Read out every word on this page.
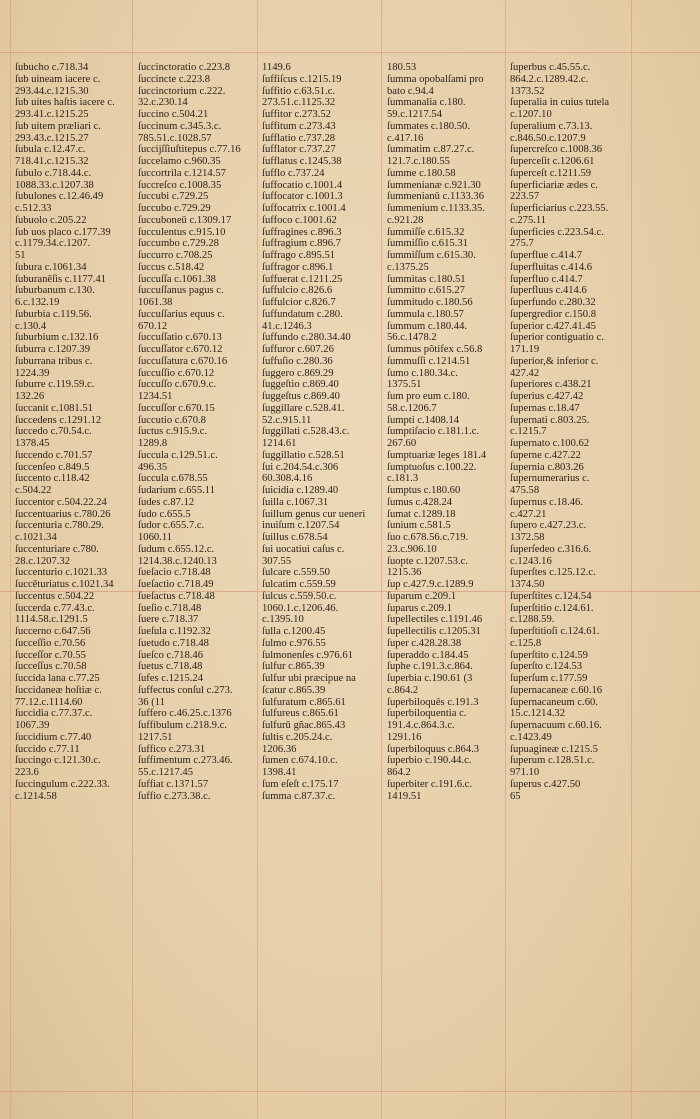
ſubucho c.718.34
ſub uineam iacere c.
293.44.c.1215.30
ſub uites haſtis iacere c.
293.41.c.1215.25
ſub uitem præliari c.
293.43.c.1215.27
ſubula c.12.47.c.
718.41.c.1215.32
ſubulo c.718.44.c.
1088.33.c.1207.38
ſubulones c.12.46.49
c.512.33
ſubuolo c.205.22
ſub uos placo c.177.39
c.1179.34.c.1207.
51
ſubura c.1061.34
ſuburanēſis c.1177.41
ſuburbanum c.130.
6.c.132.19
ſuburbia c.119.56.
c.130.4
ſuburbium c.132.16
ſuburra c.1207.39
ſuburrana tribus c.
1224.39
ſuburre c.119.59.c.
132.26
ſuccanit c.1081.51
ſuccedens c.1291.12
ſuccedo c.70.54.c.
1378.45
ſuccendo c.701.57
ſuccenſeo c.849.5
ſuccento c.118.42
c.504.22
ſuccentor c.504.22.24
ſuccentuarius c.780.26
ſuccenturia c.780.29.
c.1021.34
ſuccenturiare c.780.
28.c.1207.32
ſuccenturio c.1021.33
ſuccēturiatus c.1021.34
ſuccentus c.504.22
ſuccerda c.77.43.c.
1114.58.c.1291.5
ſuccerno c.647.56
ſucceſſio c.70.56
ſucceſſor c.70.55
ſucceſſus c.70.58
ſuccida lana c.77.25
ſuccidaneæ hoſtiæ c.
77.12.c.1114.60
ſuccidia c.77.37.c.
1067.39
ſuccidium c.77.40
ſuccido c.77.11
ſuccingo c.121.30.c.
223.6
ſuccingulum c.222.33.
c.1214.58
ſuccinctoratio c.223.8
ſuccincte c.223.8
ſuccinctorium c.222.
32.c.230.14
ſuccino c.504.21
ſuccinum c.345.3.c.
785.51.c.1028.57
ſuccijſſiuſtitepus c.77.16
ſuccelamo c.960.35
ſuccortrila c.1214.57
ſuccreſco c.1008.35
ſuccubi c.729.25
ſuccubo c.729.29
ſuccuboneū c.1309.17
ſucculentus c.915.10
ſuccumbo c.729.28
ſuccurro c.708.25
ſuccus c.518.42
ſuccuſſa c.1061.38
ſuccuſſanus pagus c.
1061.38
ſuccuſſarius equus c.
670.12
ſuccuſſatio c.670.13
ſuccuſſator c.670.12
ſuccuſſatura c.670.16
ſuccuſſio c.670.12
ſuccuſſo c.670.9.c.
1234.51
ſuccuſſor c.670.15
ſuccutio c.670.8
ſuctus c.915.9.c.
1289.8
ſuccula c.129.51.c.
496.35
ſuccula c.678.55
ſudarium c.655.11
ſudes c.87.12
ſudo c.655.5
ſudor c.655.7.c.
1060.11
ſudum c.655.12.c.
1214.38.c.1240.13
ſueſacio c.718.48
ſueſactio c.718.49
ſueſactus c.718.48
ſueſio c.718.48
ſuere c.718.37
ſueſula c.1192.32
ſuetudo c.718.48
ſueſco c.718.46
ſuetus c.718.48
ſufes c.1215.24
ſuffectus conſul c.273.
36 (11
ſuffero c.46.25.c.1376
ſuffibulum c.218.9.c.
1217.51
ſuffico c.273.31
ſuffimentum c.273.46.
55.c.1217.45
ſuffiat c.1371.57
ſuffio c.273.38.c.
1149.6
ſuffiſcus c.1215.19
ſuffitio c.63.51.c.
273.51.c.1125.32
ſuffitor c.273.52
ſuffitum c.273.43
ſufflatio c.737.28
ſufflator c.737.27
ſufflatus c.1245.38
ſufflo c.737.24
ſuffocatio c.1001.4
ſuffocator c.1001.3
ſuffocatrix c.1001.4
ſuffoco c.1001.62
ſuffragines c.896.3
ſuffragium c.896.7
ſuffrago c.895.51
ſuffragor c.896.1
ſuffuerat c.1211.25
ſuffulcio c.826.6
ſuffulcior c.826.7
ſuffundatum c.280.
41.c.1246.3
ſuffundo c.280.34.40
ſuffuror c.607.26
ſuffuſio c.280.36
ſuggero c.869.29
ſuggeſtio c.869.40
ſuggeſtus c.869.40
ſuggillare c.528.41.
52.c.915.11
ſuggillati c.528.43.c.
1214.61
ſuggillatio c.528.51
ſui c.204.54.c.306
60.308.4.16
ſuicidia c.1289.40
ſuilla c.1067.31
ſuillum genus cur ueneri
inuiſum c.1207.54
ſuillus c.678.54
ſui uocatiui caſus c.
307.55
ſulcare c.559.50
ſulcatim c.559.59
ſulcus c.559.50.c.
1060.1.c.1206.46.
c.1395.10
ſulla c.1200.45
ſulmo c.976.55
ſulmonenſes c.976.61
ſulfur c.865.39
ſulfur ubi præcipue na
ſcatur c.865.39
ſulfuratum c.865.61
ſulfureus c.865.61
ſulfurū gñac.865.43
ſultis c.205.24.c.
1206.36
ſumen c.674.10.c.
1398.41
ſum eſeſt c.175.17
ſumma c.87.37.c.
180.53
ſumma opobalſami pro
bato c.94.4
ſummanalia c.180.
59.c.1217.54
ſummates c.180.50.
c.417.16
ſummatim c.87.27.c.
121.7.c.180.55
ſumme c.180.58
ſummenianæ c.921.30
ſummenianū c.1133.36
ſummenium c.1133.35.
c.921.28
ſummiſſe c.615.32
ſummiſſio c.615.31
ſummiſſum c.615.30.
c.1375.25
ſummitas c.180.51
ſummitto c.615.27
ſummitudo c.180.56
ſummula c.180.57
ſummum c.180.44.
56.c.1478.2
ſummus põtifex c.56.8
ſummuſſi c.1214.51
ſumo c.180.34.c.
1375.51
ſum pro eum c.180.
58.c.1206.7
ſumpti c.1408.14
ſumptiſacio c.181.1.c.
267.60
ſumptuariæ leges 181.4
ſumptuoſus c.100.22.
c.181.3
ſumptus c.180.60
ſumus c.428.24
ſumat c.1289.18
ſunium c.581.5
ſuo c.678.56.c.719.
23.c.906.10
ſuopte c.1207.53.c.
1215.36
ſup c.427.9.c.1289.9
ſuparum c.209.1
ſuparus c.209.1
ſupellectiles c.1191.46
ſupellectilis c.1205.31
ſuper c.428.28.38
ſuperaddo c.184.45
ſuphe c.191.3.c.864.
ſuperbia c.190.61 (3
c.864.2
ſuperbiloquēs c.191.3
ſuperbiloquentia c.
191.4.c.864.3.c.
1291.16
ſuperbiloquus c.864.3
ſuperbio c.190.44.c.
864.2
ſuperbiter c.191.6.c.
1419.51
ſuperbus c.45.55.c.
864.2.c.1289.42.c.
1373.52
ſuperalia in cuius tutela
c.1207.10
ſuperalium c.73.13.
c.846.50.c.1207.9
ſupercreſco c.1008.36
ſuperceſit c.1206.61
ſuperceſt c.1211.59
ſuperficiariæ ædes c.
223.57
ſuperficiarius c.223.55.
c.275.11
ſuperficies c.223.54.c.
275.7
ſuperflue c.414.7
ſuperfluitas c.414.6
ſuperfluo c.414.7
ſuperfluus c.414.6
ſuperfundo c.280.32
ſupergredior c.150.8
ſuperior c.427.41.45
ſuperior contiguatio c.
171.19
ſuperior,& inferior c.
427.42
ſuperiores c.438.21
ſuperius c.427.42
ſupernas c.18.47
ſupernati c.803.25.
c.1215.7
ſupernato c.100.62
ſuperne c.427.22
ſupernia c.803.26
ſupernumerarius c.
475.58
ſupernus c.18.46.
c.427.21
ſupero c.427.23.c.
1372.58
ſuperſedeo c.316.6.
c.1243.16
ſuperſtes c.125.12.c.
1374.50
ſuperſtites c.124.54
ſuperſtitio c.124.61.
c.1288.59.
ſuperſtitioſi c.124.61.
c.125.8
ſuperſtito c.124.59
ſuperſto c.124.53
ſuperſum c.177.59
ſupernacaneæ c.60.16
ſupernacaneum c.60.
15.c.1214.32
ſupernacuum c.60.16.
c.1423.49
ſupuagineæ c.1215.5
ſuperum c.128.51.c.
971.10
ſuperus c.427.50
65
